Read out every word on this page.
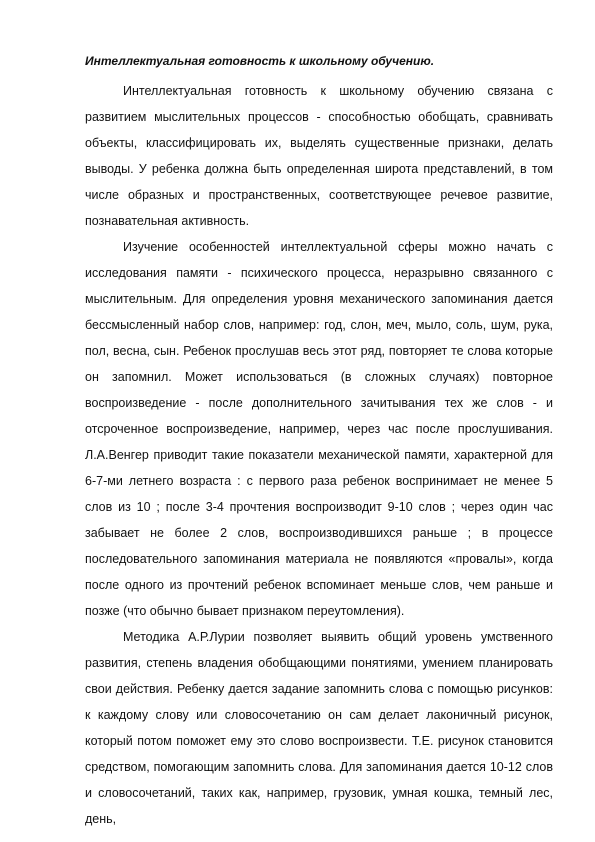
Интеллектуальная готовность к школьному обучению.

Интеллектуальная готовность к школьному обучению связана с развитием мыслительных процессов - способностью обобщать, сравнивать объекты, классифицировать их, выделять существенные признаки, делать выводы. У ребенка должна быть определенная широта представлений, в том числе образных и пространственных, соответствующее речевое развитие, познавательная активность.

Изучение особенностей интеллектуальной сферы можно начать с исследования памяти - психического процесса, неразрывно связанного с мыслительным. Для определения уровня механического запоминания дается бессмысленный набор слов, например: год, слон, меч, мыло, соль, шум, рука, пол, весна, сын. Ребенок прослушав весь этот ряд, повторяет те слова которые он запомнил. Может использоваться (в сложных случаях) повторное воспроизведение - после дополнительного зачитывания тех же слов - и отсроченное воспроизведение, например, через час после прослушивания. Л.А.Венгер приводит такие показатели механической памяти, характерной для 6-7-ми летнего возраста : с первого раза ребенок воспринимает не менее 5 слов из 10 ; после 3-4 прочтения воспроизводит 9-10 слов ; через один час забывает не более 2 слов, воспроизводившихся раньше ; в процессе последовательного запоминания материала не появляются «провалы», когда после одного из прочтений ребенок вспоминает меньше слов, чем раньше и позже (что обычно бывает признаком переутомления).

Методика А.Р.Лурии позволяет выявить общий уровень умственного развития, степень владения обобщающими понятиями, умением планировать свои действия. Ребенку дается задание запомнить слова с помощью рисунков: к каждому слову или словосочетанию он сам делает лаконичный рисунок, который потом поможет ему это слово воспроизвести. Т.Е. рисунок становится средством, помогающим запомнить слова. Для запоминания дается 10-12 слов и словосочетаний, таких как, например, грузовик, умная кошка, темный лес, день,
